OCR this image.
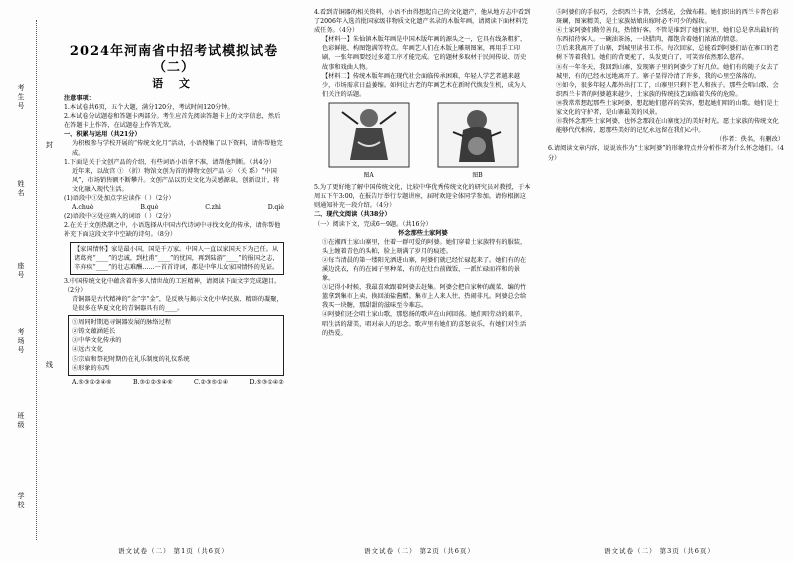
考生号
姓名
座号
考场号
班级
学校
封
线
2024年河南省中招考试模拟试卷（二）
语 文

注意事项：

1.本试卷共6页，五个大题，满分120分，考试时间120分钟。

2.本试卷分试题卷和答题卡两部分。考生应首先阅读答题卡上的文字信息，然后在答题卡上作答，在试题卷上作答无效。

一、积累与运用（共21分）

为积极参与学校开展的“传统文化月”活动，小语搜集了以下资料，请你帮他完成。

1.下面是关于文创产品的介绍，有些词语小语拿不准，请帮他判断。（共4分）

近年来，以故宫 ① （折）物馆文创为首的博物文创产品 ② （关 系）“中国风”，市场销售额不断攀升。文创产品以历史文化为灵感源泉，创新设计，将文化融入现代生活。

(1)语段中①处加点字应读作（ ）（2分）

A.chuè	B.què	C.zhì	D.qiè

(2)语段中②处应填入的词语（ ）（2分）

2.在关于文创热潮之中，小语选择从中国古代诗词中寻找文化的传承，请你帮他补充下面这段文字中空缺的诗句。（8分）

【家国情怀】家是最小国，国是千万家。中国人一直以家国天下为己任。从诸葛亮“____”的忠诚，到杜甫“____”的忧国，再到陆游“____”的报国之志，辛弃疾“____”的壮志难酬……一首首诗词，都是中华儿女家国情怀的见证。

3.中国传统文化中蕴含着许多人情世故的工匠精神，请阅读下面文字完成题目。（2分）

青铜器是古代精神的“金”字“金”，是反映与揭示文化中华民族、精辟的凝聚，是很多在华夏文化的青铜器具有的____。

①周同时期追寻铜器发展的脉络过程

②铸文蕴涵延长

③中华文化传承的

④远古文化

⑤宗庙和祭祀时期仍在礼乐制度的礼仪系统

⑥形象的东西

A.⑤③①②④⑥	B.③①②⑤④⑥	C.②③⑤①④	D.⑤③①④②

4.看到青铜器的相关资料，小语不由得想起自己的文化遗产，他从地方志中看到了2006年入选首批国家级非物质文化遗产名录的木版年画，请阅读下面材料完成任务。（4分）

【材料一】朱仙镇木版年画是中国木版年画的源头之一，它具有线条粗犷、色彩鲜艳、构图饱满等特点。年画艺人们在木版上雕刻图案，再用手工印刷，一张年画要经过多道工序才能完成。它的题材多取材于民间传说、历史故事和戏曲人物。

【材料二】传统木版年画在现代社会面临传承困难，年轻人学艺者越来越少，市场需求日益萎缩。如何让古老的年画艺术在新时代焕发生机，成为人们关注的话题。

图A	图B

5.为了更好地了解中国传统文化，比较中华优秀传统文化的研究员对教授，于本周五下午3:00，在报告厅举行专题讲座，届时欢迎全体同学参加。请你根据这则通知补充一段介绍。（4分）

二、现代文阅读（共38分）

（一）阅读下文，完成6～9题。（共16分）

怀念那些土家阿婆

①在湘西土家山寨里，住着一群可爱的阿婆。她们穿着土家族特有的服装，头上缠着青色的头帕，脸上刻满了岁月的痕迹。

②每当清晨的第一缕阳光洒进山寨，阿婆们就已经忙碌起来了。她们有的在溪边洗衣，有的在园子里种菜，有的在灶台前做饭，一派忙碌而祥和的景象。

③记得小时候，我最喜欢跟着阿婆去赶集。阿婆会把自家种的蔬菜、编的竹篮拿到集市上卖，换回油盐酱醋。集市上人来人往，热闹非凡。阿婆总会给我买一块糖，那甜甜的滋味至今难忘。

④阿婆们还会唱土家山歌，那悠扬的歌声在山间回荡。她们唱劳动的艰辛，唱生活的甜美，唱对亲人的思念。歌声里有她们的喜怒哀乐，有她们对生活的热爱。

⑤阿婆们的手很巧，会织西兰卡普，会绣花，会做布鞋。她们织出的西兰卡普色彩斑斓，图案精美，是土家族姑娘出嫁时必不可少的嫁妆。

⑥土家阿婆们勤劳善良，热情好客。不管是谁到了她们家里，她们总是拿出最好的东西招待客人。一碗油茶汤，一块腊肉，都饱含着她们浓浓的情意。

⑦后来我离开了山寨，到城里读书工作。每次回家，总能看到阿婆们站在寨口的老树下等着我们。她们的背更驼了，头发更白了，可笑容依然那么慈祥。

⑧有一年冬天，我回到山寨，发现寨子里的阿婆少了好几位。她们有的随子女去了城里，有的已经永远地离开了。寨子显得冷清了许多，我的心里空落落的。

⑨如今，很多年轻人都外出打工了，山寨里只剩下老人和孩子。那些会唱山歌、会织西兰卡普的阿婆越来越少，土家族的传统技艺面临着失传的危险。

⑩我常常想起那些土家阿婆，想起她们慈祥的笑容，想起她们唱的山歌。她们是土家文化的守护者，是山寨最美的风景。

⑪我怀念那些土家阿婆，也怀念那段在山寨度过的美好时光。愿土家族的传统文化能够代代相传，愿那些美好的记忆永远留在我们心中。

（作者：佚名，有删改）

6.请阅读文章内容，说说该作为“土家阿婆”的形象特点并分析作者为什么怀念她们。（4分）

语文试卷（二） 第1页（共6页）	语文试卷（二） 第2页（共6页）	语文试卷（二） 第3页（共6页）
